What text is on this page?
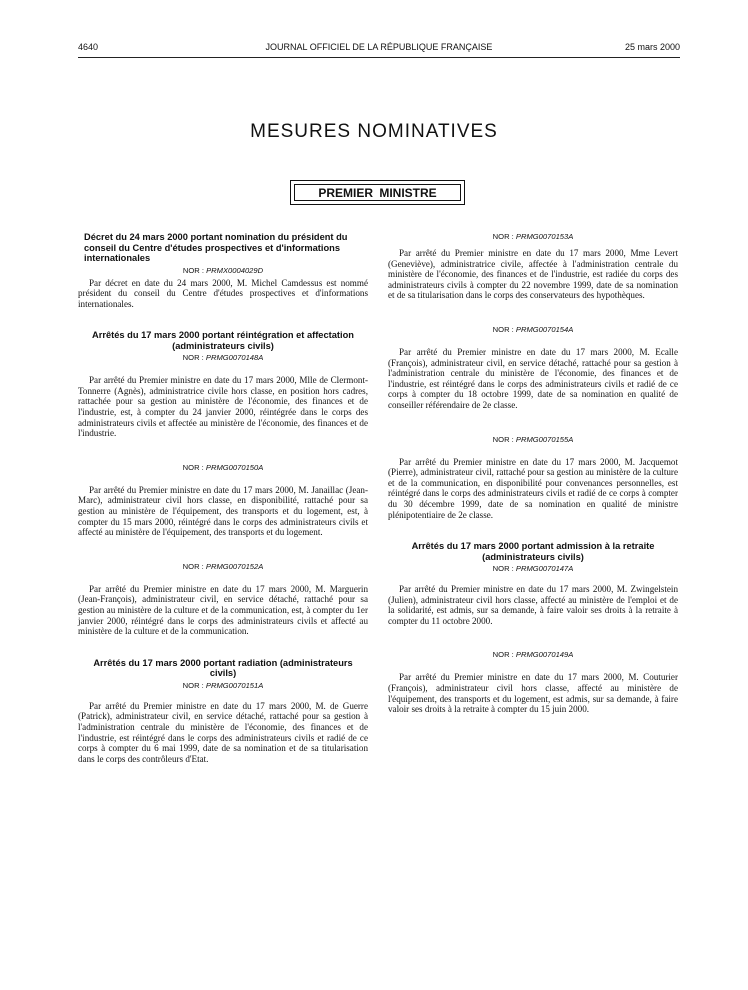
4640	JOURNAL OFFICIEL DE LA RÉPUBLIQUE FRANÇAISE	25 mars 2000
MESURES NOMINATIVES
PREMIER MINISTRE
Décret du 24 mars 2000 portant nomination du président du conseil du Centre d'études prospectives et d'informations internationales

NOR : PRMX0004029D

Par décret en date du 24 mars 2000, M. Michel Camdessus est nommé président du conseil du Centre d'études prospectives et d'informations internationales.

Arrêtés du 17 mars 2000 portant réintégration et affectation (administrateurs civils)

NOR : PRMG0070148A

Par arrêté du Premier ministre en date du 17 mars 2000, Mlle de Clermont-Tonnerre (Agnès), administratrice civile hors classe, en position hors cadres, rattachée pour sa gestion au ministère de l'économie, des finances et de l'industrie, est, à compter du 24 janvier 2000, réintégrée dans le corps des administrateurs civils et affectée au ministère de l'économie, des finances et de l'industrie.

NOR : PRMG0070150A

Par arrêté du Premier ministre en date du 17 mars 2000, M. Janaillac (Jean-Marc), administrateur civil hors classe, en disponibilité, rattaché pour sa gestion au ministère de l'équipement, des transports et du logement, est, à compter du 15 mars 2000, réintégré dans le corps des administrateurs civils et affecté au ministère de l'équipement, des transports et du logement.

NOR : PRMG0070152A

Par arrêté du Premier ministre en date du 17 mars 2000, M. Marguerin (Jean-François), administrateur civil, en service détaché, rattaché pour sa gestion au ministère de la culture et de la communication, est, à compter du 1er janvier 2000, réintégré dans le corps des administrateurs civils et affecté au ministère de la culture et de la communication.

Arrêtés du 17 mars 2000 portant radiation (administrateurs civils)

NOR : PRMG0070151A

Par arrêté du Premier ministre en date du 17 mars 2000, M. de Guerre (Patrick), administrateur civil, en service détaché, rattaché pour sa gestion à l'administration centrale du ministère de l'économie, des finances et de l'industrie, est réintégré dans le corps des administrateurs civils et radié de ce corps à compter du 6 mai 1999, date de sa nomination et de sa titularisation dans le corps des contrôleurs d'Etat.

NOR : PRMG0070153A

Par arrêté du Premier ministre en date du 17 mars 2000, Mme Levert (Geneviève), administratrice civile, affectée à l'administration centrale du ministère de l'économie, des finances et de l'industrie, est radiée du corps des administrateurs civils à compter du 22 novembre 1999, date de sa nomination et de sa titularisation dans le corps des conservateurs des hypothèques.

NOR : PRMG0070154A

Par arrêté du Premier ministre en date du 17 mars 2000, M. Ecalle (François), administrateur civil, en service détaché, rattaché pour sa gestion à l'administration centrale du ministère de l'économie, des finances et de l'industrie, est réintégré dans le corps des administrateurs civils et radié de ce corps à compter du 18 octobre 1999, date de sa nomination en qualité de conseiller référendaire de 2e classe.

NOR : PRMG0070155A

Par arrêté du Premier ministre en date du 17 mars 2000, M. Jacquemot (Pierre), administrateur civil, rattaché pour sa gestion au ministère de la culture et de la communication, en disponibilité pour convenances personnelles, est réintégré dans le corps des administrateurs civils et radié de ce corps à compter du 30 décembre 1999, date de sa nomination en qualité de ministre plénipotentiaire de 2e classe.

Arrêtés du 17 mars 2000 portant admission à la retraite (administrateurs civils)

NOR : PRMG0070147A

Par arrêté du Premier ministre en date du 17 mars 2000, M. Zwingelstein (Julien), administrateur civil hors classe, affecté au ministère de l'emploi et de la solidarité, est admis, sur sa demande, à faire valoir ses droits à la retraite à compter du 11 octobre 2000.

NOR : PRMG0070149A

Par arrêté du Premier ministre en date du 17 mars 2000, M. Couturier (François), administrateur civil hors classe, affecté au ministère de l'équipement, des transports et du logement, est admis, sur sa demande, à faire valoir ses droits à la retraite à compter du 15 juin 2000.
